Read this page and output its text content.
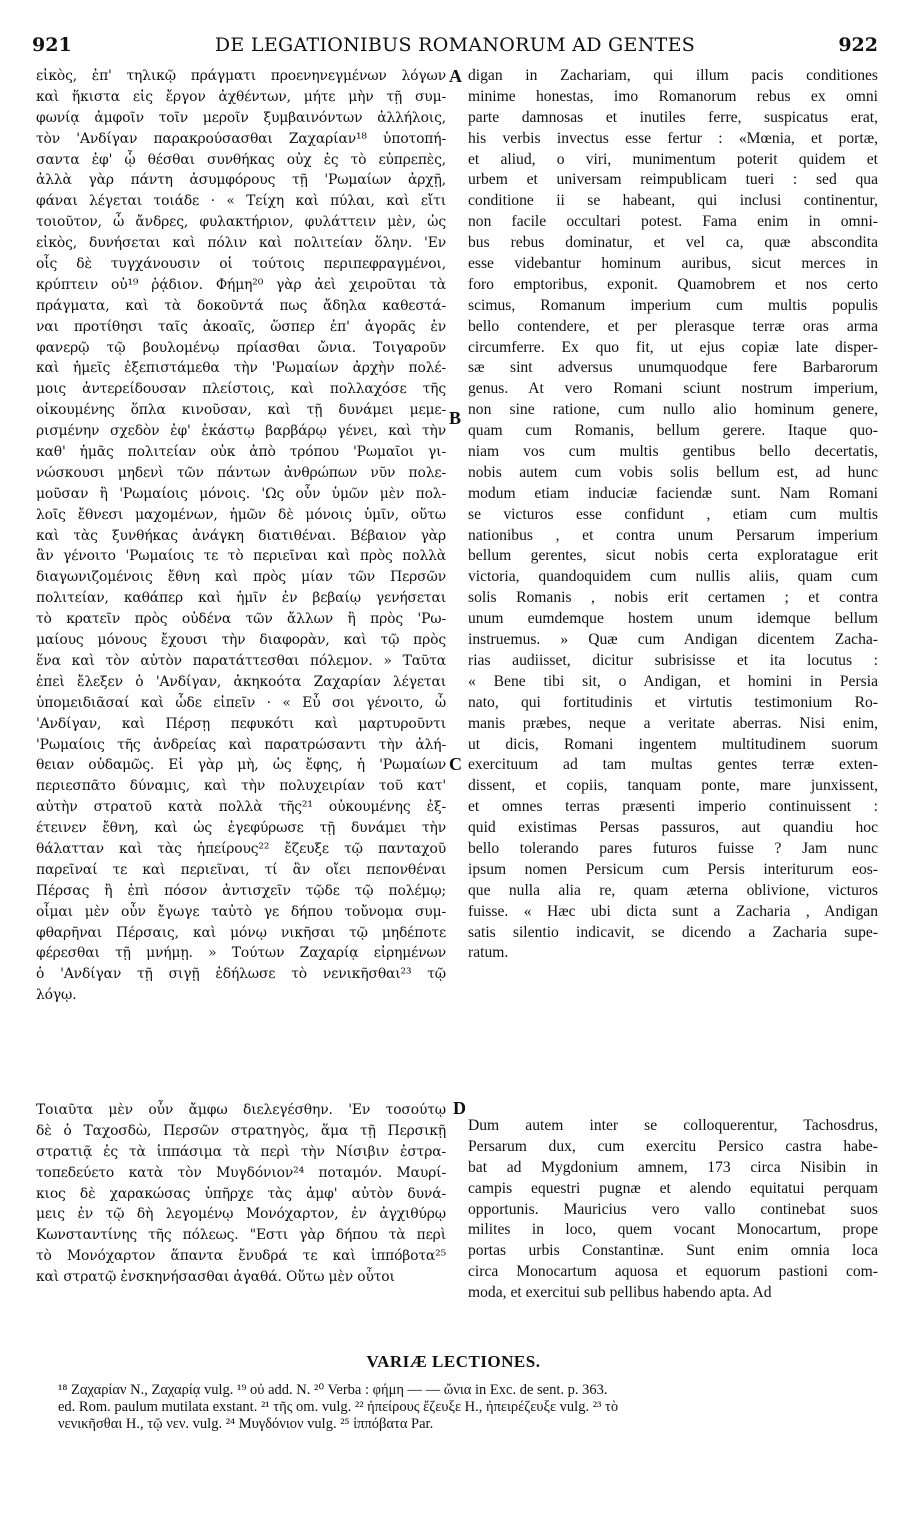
921	DE LEGATIONIBUS ROMANORUM AD GENTES	922
εἰκὸς, ἐπ' τηλικῷ πράγματι προενηνεγμένων λόγων
καὶ ἥκιστα εἰς ἔργον ἀχθέντων, μήτε μὴν τῇ συμ-
φωνίᾳ ἀμφοῖν τοῖν μεροῖν ξυμβαινόντων ἀλλήλοις,
τὸν 'Ανδίγαν παρακρούσασθαι Ζαχαρίαν¹⁸ ὑποτοπή-
σαντα ἐφ' ᾧ θέσθαι συνθήκας οὐχ ἐς τὸ εὐπρεπὲς,
ἀλλὰ γὰρ πάντη ἀσυμφόρους τῇ 'Ρωμαίων ἀρχῇ,
φάναι λέγεται τοιάδε · « Τείχη καὶ πύλαι, καὶ εἴτι
τοιοῦτον, ὦ ἄνδρες, φυλακτήριον, φυλάττειν μὲν, ὡς
εἰκὸς, δυνήσεται καὶ πόλιν καὶ πολιτείαν ὅλην. 'Εν
οἷς δὲ τυγχάνουσιν οἱ τούτοις περιπεφραγμένοι,
κρύπτειν οὐ¹⁹ ῥᾴδιον. Φήμη²⁰ γὰρ ἀεὶ χειροῦται τὰ
πράγματα, καὶ τὰ δοκοῦντά πως ἄδηλα καθεστά-
ναι προτίθησι ταῖς ἀκοαῖς, ὥσπερ ἐπ' ἀγορᾶς ἐν
φανερῷ τῷ βουλομένῳ πρίασθαι ὤνια. Τοιγαροῦν
καὶ ἡμεῖς ἐξεπιστάμεθα τὴν 'Ρωμαίων ἀρχὴν πολέ-
μοις ἀντερείδουσαν πλείστοις, καὶ πολλαχόσε τῆς
οἰκουμένης ὅπλα κινοῦσαν, καὶ τῇ δυνάμει μεμε-
ρισμένην σχεδὸν ἐφ' ἑκάστῳ βαρβάρῳ γένει, καὶ τὴν
καθ' ἡμᾶς πολιτείαν οὐκ ἀπὸ τρόπου 'Ρωμαῖοι γι-
νώσκουσι μηδενὶ τῶν πάντων ἀνθρώπων νῦν πολε-
μοῦσαν ἢ 'Ρωμαίοις μόνοις. 'Ως οὖν ὑμῶν μὲν πολ-
λοῖς ἔθνεσι μαχομένων, ἡμῶν δὲ μόνοις ὑμῖν, οὕτω
καὶ τὰς ξυνθήκας ἀνάγκη διατιθέναι. Βέβαιον γὰρ
ἂν γένοιτο 'Ρωμαίοις τε τὸ περιεῖναι καὶ πρὸς πολλὰ
διαγωνιζομένοις ἔθνη καὶ πρὸς μίαν τῶν Περσῶν
πολιτείαν, καθάπερ καὶ ἡμῖν ἐν βεβαίῳ γενήσεται
τὸ κρατεῖν πρὸς οὐδένα τῶν ἄλλων ἢ πρὸς 'Ρω-
μαίους μόνους ἔχουσι τὴν διαφορὰν, καὶ τῷ πρὸς
ἕνα καὶ τὸν αὐτὸν παρατάττεσθαι πόλεμον. » Ταῦτα
ἐπεὶ ἔλεξεν ὁ 'Ανδίγαν, ἀκηκοότα Ζαχαρίαν λέγεται
ὑπομειδιᾶσαί καὶ ὧδε εἰπεῖν · « Εὖ σοι γένοιτο, ὦ
'Ανδίγαν, καὶ Πέρσῃ πεφυκότι καὶ μαρτυροῦντι
'Ρωμαίοις τῆς ἀνδρείας καὶ παρατρώσαντι τὴν ἀλή-
θειαν οὐδαμῶς. Εἰ γὰρ μὴ, ὡς ἔφης, ἡ 'Ρωμαίων
περιεσπᾶτο δύναμις, καὶ τὴν πολυχειρίαν τοῦ κατ'
αὐτὴν στρατοῦ κατὰ πολλὰ τῆς²¹ οὐκουμένης ἐξ-
έτεινεν ἔθνη, καὶ ὡς ἐγεφύρωσε τῇ δυνάμει τὴν
θάλατταν καὶ τὰς ἠπείρους²² ἔζευξε τῷ πανταχοῦ
παρεῖναί τε καὶ περιεῖναι, τί ἂν οἴει πεπονθέναι
Πέρσας ἢ ἐπὶ πόσον ἀντισχεῖν τῷδε τῷ πολέμῳ;
οἶμαι μὲν οὖν ἔγωγε ταὐτὸ γε δήπου τοὔνομα συμ-
φθαρῆναι Πέρσαις, καὶ μόνῳ νικῆσαι τῷ μηδέποτε
φέρεσθαι τῇ μνήμῃ. » Τούτων Ζαχαρίᾳ εἰρημένων
ὁ 'Ανδίγαν τῇ σιγῇ ἐδήλωσε τὸ νενικῆσθαι²³ τῷ
λόγῳ.
digan in Zachariam, qui illum pacis conditiones
minime honestas, imo Romanorum rebus ex omni
parte damnosas et inutiles ferre, suspicatus erat,
his verbis invectus esse fertur : «Mœnia, et portæ,
et aliud, o viri, munimentum poterit quidem et
urbem et universam reimpublicam tueri : sed qua
conditione ii se habeant, qui inclusi continentur,
non facile occultari potest. Fama enim in omni-
bus rebus dominatur, et vel ca, quæ abscondita
esse videbantur hominum auribus, sicut merces in
foro emptoribus, exponit. Quamobrem et nos certo
scimus, Romanum imperium cum multis populis
bello contendere, et per plerasque terræ oras arma
circumferre. Ex quo fit, ut ejus copiæ late disper-
sæ sint adversus unumquodque fere Barbarorum
genus. At vero Romani sciunt nostrum imperium,
non sine ratione, cum nullo alio hominum genere,
quam cum Romanis, bellum gerere. Itaque quo-
niam vos cum multis gentibus bello decertatis,
nobis autem cum vobis solis bellum est, ad hunc
modum etiam induciæ faciendæ sunt. Nam Romani
se victuros esse confidunt , etiam cum multis
nationibus , et contra unum Persarum imperium
bellum gerentes, sicut nobis certa exploratague erit
victoria, quandoquidem cum nullis aliis, quam cum
solis Romanis , nobis erit certamen ; et contra
unum eumdemque hostem unum idemque bellum
instruemus. » Quæ cum Andigan dicentem Zacha-
rias audiisset, dicitur subrisisse et ita locutus :
« Bene tibi sit, o Andigan, et homini in Persia
nato, qui fortitudinis et virtutis testimonium Ro-
manis præbes, neque a veritate aberras. Nisi enim,
ut dicis, Romani ingentem multitudinem suorum
exercituum ad tam multas gentes terræ exten-
dissent, et copiis, tanquam ponte, mare junxissent,
et omnes terras præsenti imperio continuissent :
quid existimas Persas passuros, aut quandiu hoc
bello tolerando pares futuros fuisse ? Jam nunc
ipsum nomen Persicum cum Persis interiturum eos-
que nulla alia re, quam æterna oblivione, victuros
fuisse. « Hæc ubi dicta sunt a Zacharia , Andigan
satis silentio indicavit, se dicendo a Zacharia supe-
ratum.
A
B
C
D
Τοιαῦτα μὲν οὖν ἄμφω διελεγέσθην. 'Εν τοσούτῳ
δὲ ὁ Ταχοσδὼ, Περσῶν στρατηγὸς, ἅμα τῇ Περσικῇ
στρατιᾷ ἐς τὰ ἱππάσιμα τὰ περὶ τὴν Νίσιβιν ἐστρα-
τοπεδεύετο κατὰ τὸν Μυγδόνιον²⁴ ποταμόν. Μαυρί-
κιος δὲ χαρακώσας ὑπῆρχε τὰς ἀμφ' αὐτὸν δυνά-
μεις ἐν τῷ δὴ λεγομένῳ Μονόχαρτον, ἐν ἀγχιθύρῳ
Κωνσταντίνης τῆς πόλεως. "Εστι γὰρ δήπου τὰ περὶ
τὸ Μονόχαρτον ἅπαντα ἔνυδρά τε καὶ ἱππόβοτα²⁵
καὶ στρατῷ ἐνσκηνήσασθαι ἀγαθά. Οὕτω μὲν οὗτοι
Dum autem inter se colloquerentur, Tachosdrus,
Persarum dux, cum exercitu Persico castra habe-
bat ad Mygdonium amnem, 173 circa Nisibin in
campis equestri pugnæ et alendo equitatui perquam
opportunis. Mauricius vero vallo continebat suos
milites in loco, quem vocant Monocartum, prope
portas urbis Constantinæ. Sunt enim omnia loca
circa Monocartum aquosa et equorum pastioni com-
moda, et exercitui sub pellibus habendo apta. Ad
VARIÆ LECTIONES.
¹⁸ Ζαχαρίαν N., Ζαχαρίᾳ vulg. ¹⁹ οὐ add. N. ²⁰ Verba : φήμη — — ὤνια in Exc. de sent. p. 363.
ed. Rom. paulum mutilata exstant. ²¹ τῆς om. vulg. ²² ἠπείρους ἔζευξε H., ἠπειρέζευξε vulg. ²³ τὸ
νενικῆσθαι H., τῷ νεν. vulg. ²⁴ Μυγδόνιον vulg. ²⁵ ἱππόβατα Par.
